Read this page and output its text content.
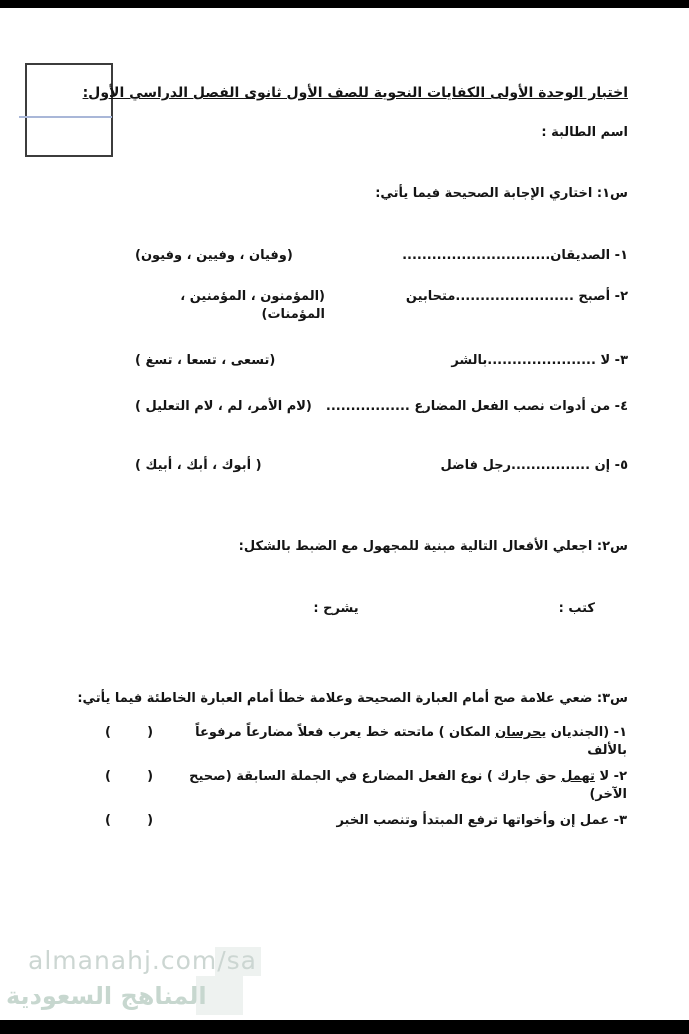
اختبار الوحدة الأولى الكفايات النحوية للصف الأول ثانوى الفصل الدراسي الأول:
اسم الطالبة :
س١: اختاري الإجابة الصحيحة فيما يأتي:
١- الصديقان..............................
(وفيان ، وفيين ، وفيون)
٢- أصبح ........................متحابين
(المؤمنون ، المؤمنين ، المؤمنات)
٣- لا ......................بالشر
(تسعى ، تسعا ، تسغ )
٤- من أدوات نصب الفعل المضارع .................
(لام الأمر، لم ، لام التعليل )
٥- إن ................رجل فاضل
( أبوك ، أبك ، أبيك )
س٢: اجعلي الأفعال التالية مبنية للمجهول مع الضبط بالشكل:
كتب :
يشرح :
س٣: ضعي علامة صح أمام العبارة الصحيحة وعلامة خطأ أمام العبارة الخاطئة فيما يأتي:
١- (الجنديان يحرسان المكان ) ماتحته خط يعرب فعلاً مضارعاً مرفوعاً بالألف
(        )
٢- لا تهمل حق جارك ) نوع الفعل المضارع في الجملة السابقة (صحيح الآخر)
(        )
٣- عمل إن وأخواتها ترفع المبتدأ وتنصب الخبر
(        )
almanahj.com/sa
المناهج السعودية
